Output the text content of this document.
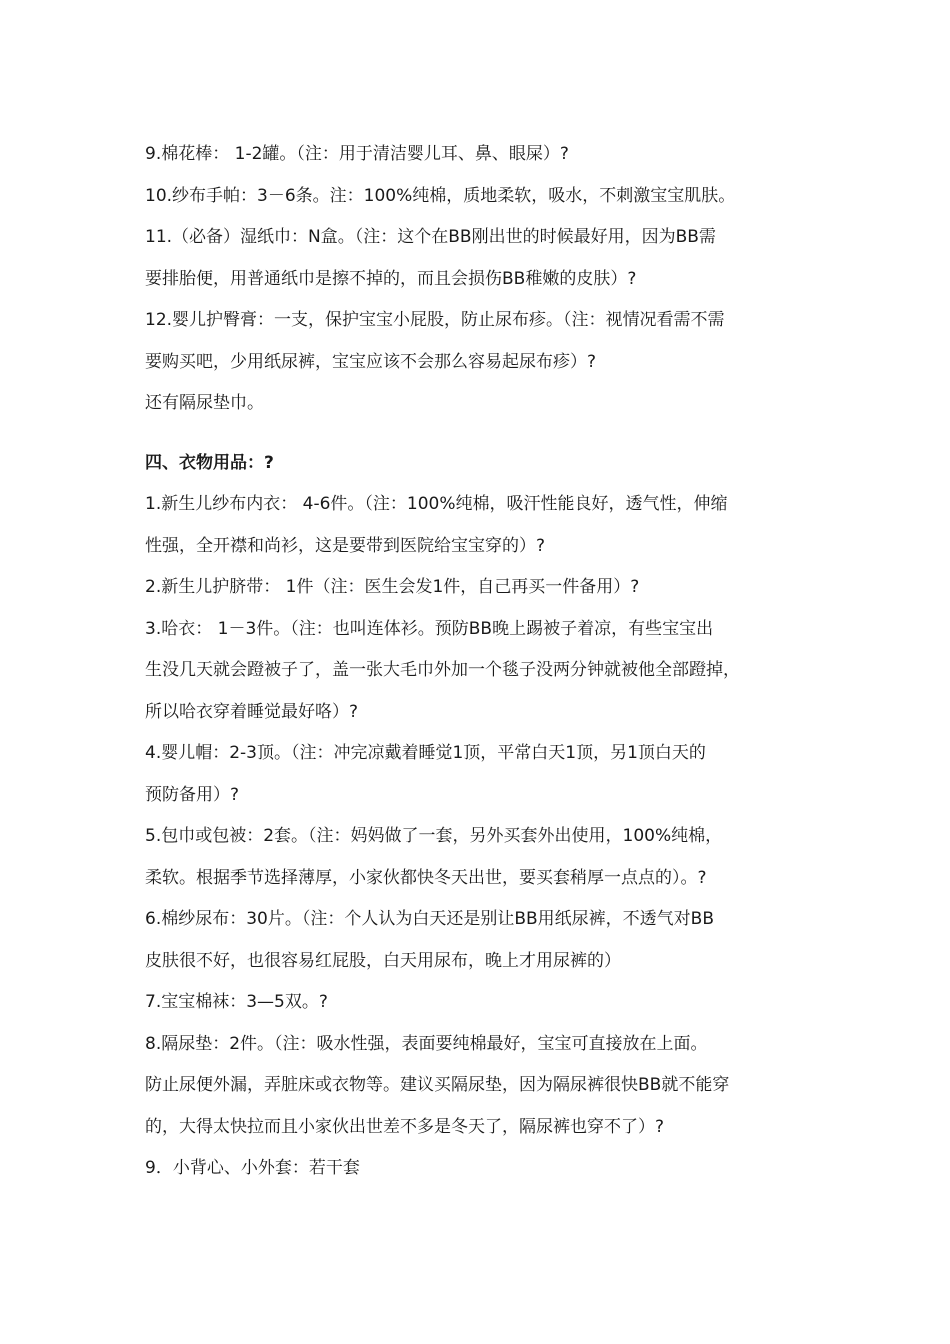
9.棉花棒： 1-2罐。（注：用于清洁婴儿耳、鼻、眼屎）?
10.纱布手帕：3－6条。注：100%纯棉，质地柔软，吸水，不刺激宝宝肌肤。
11.（必备）湿纸巾：N盒。（注：这个在BB刚出世的时候最好用，因为BB需
要排胎便，用普通纸巾是擦不掉的，而且会损伤BB稚嫩的皮肤）?
12.婴儿护臀膏：一支，保护宝宝小屁股，防止尿布疹。（注：视情况看需不需
要购买吧，少用纸尿裤，宝宝应该不会那么容易起尿布疹）?
还有隔尿垫巾。
四、衣物用品：?
1.新生儿纱布内衣： 4-6件。（注：100%纯棉，吸汗性能良好，透气性，伸缩
性强，全开襟和尚衫，这是要带到医院给宝宝穿的）?
2.新生儿护脐带： 1件（注：医生会发1件，自己再买一件备用）?
3.哈衣： 1－3件。（注：也叫连体衫。预防BB晚上踢被子着凉，有些宝宝出
生没几天就会蹬被子了，盖一张大毛巾外加一个毯子没两分钟就被他全部蹬掉，
所以哈衣穿着睡觉最好咯）?
4.婴儿帽：2-3顶。（注：冲完凉戴着睡觉1顶，平常白天1顶，另1顶白天的
预防备用）?
5.包巾或包被：2套。（注：妈妈做了一套，另外买套外出使用，100%纯棉，
柔软。根据季节选择薄厚，小家伙都快冬天出世，要买套稍厚一点点的）。?
6.棉纱尿布：30片。（注：个人认为白天还是别让BB用纸尿裤，不透气对BB
皮肤很不好，也很容易红屁股，白天用尿布，晚上才用尿裤的）
7.宝宝棉袜：3—5双。?
8.隔尿垫：2件。（注：吸水性强，表面要纯棉最好，宝宝可直接放在上面。
防止尿便外漏，弄脏床或衣物等。建议买隔尿垫，因为隔尿裤很快BB就不能穿
的，大得太快拉而且小家伙出世差不多是冬天了，隔尿裤也穿不了）?
9．小背心、小外套：若干套
